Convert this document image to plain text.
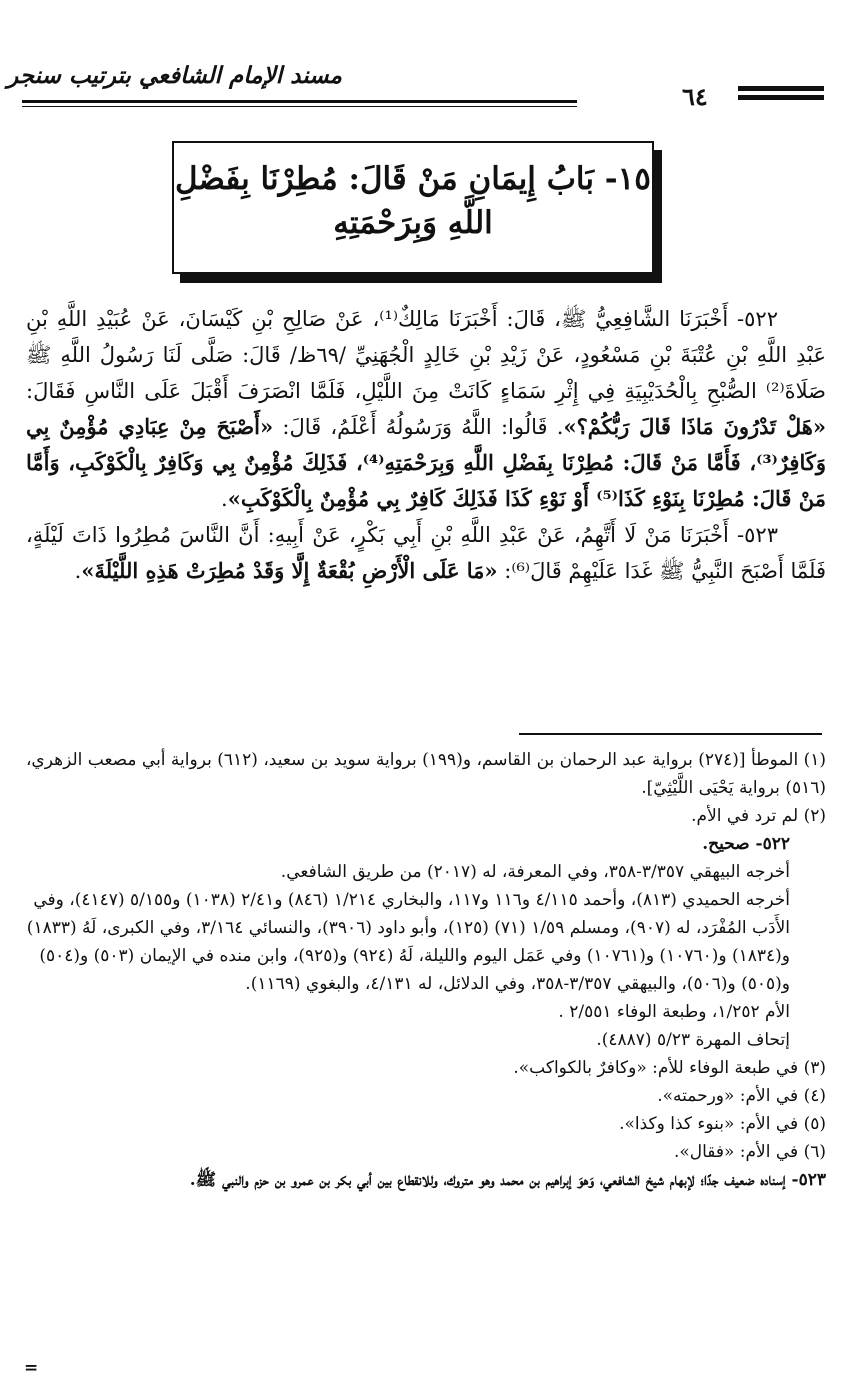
مسند الإمام الشافعي بترتيب سنجر
٦٤
١٥- بَابُ إِيمَانِ مَنْ قَالَ: مُطِرْنَا بِفَضْلِ
اللَّهِ وَبِرَحْمَتِهِ

٥٢٢- أَخْبَرَنَا الشَّافِعِيُّ ﷺ، قَالَ: أَخْبَرَنَا مَالِكٌ⁽¹⁾، عَنْ صَالِحِ بْنِ كَيْسَانَ، عَنْ عُبَيْدِ اللَّهِ بْنِ عَبْدِ اللَّهِ بْنِ عُتْبَةَ بْنِ مَسْعُودٍ، عَنْ زَيْدِ بْنِ خَالِدٍ الْجُهَنِيِّ /٦٩ظ/ قَالَ: صَلَّى لَنَا رَسُولُ اللَّهِ ﷺ صَلَاةَ⁽²⁾ الصُّبْحِ بِالْحُدَيْبِيَةِ فِي إِثْرِ سَمَاءٍ كَانَتْ مِنَ اللَّيْلِ، فَلَمَّا انْصَرَفَ أَقْبَلَ عَلَى النَّاسِ فَقَالَ: «هَلْ تَدْرُونَ مَاذَا قَالَ رَبُّكُمْ؟». قَالُوا: اللَّهُ وَرَسُولُهُ أَعْلَمُ، قَالَ: «أَصْبَحَ مِنْ عِبَادِي مُؤْمِنٌ بِي وَكَافِرٌ⁽³⁾، فَأَمَّا مَنْ قَالَ: مُطِرْنَا بِفَضْلِ اللَّهِ وَبِرَحْمَتِهِ⁽⁴⁾، فَذَلِكَ مُؤْمِنٌ بِي وَكَافِرٌ بِالْكَوْكَبِ، وَأَمَّا مَنْ قَالَ: مُطِرْنَا بِنَوْءِ كَذَا⁽⁵⁾ أَوْ نَوْءِ كَذَا فَذَلِكَ كَافِرٌ بِي مُؤْمِنٌ بِالْكَوْكَبِ».

٥٢٣- أَخْبَرَنَا مَنْ لَا أَتَّهِمُ، عَنْ عَبْدِ اللَّهِ بْنِ أَبِي بَكْرٍ، عَنْ أَبِيهِ: أَنَّ النَّاسَ مُطِرُوا ذَاتَ لَيْلَةٍ، فَلَمَّا أَصْبَحَ النَّبِيُّ ﷺ غَدَا عَلَيْهِمْ قَالَ⁽⁶⁾: «مَا عَلَى الْأَرْضِ بُقْعَةٌ إِلَّا وَقَدْ مُطِرَتْ هَذِهِ اللَّيْلَةَ».

(١) الموطأ [(٢٧٤) برواية عبد الرحمان بن القاسم، و(١٩٩) برواية سويد بن سعيد، (٦١٢) برواية أبي مصعب الزهري، (٥١٦) برواية يَحْيَى اللَّيْثِيّ].

(٢) لم ترد في الأم.

٥٢٢- صحيح.

أخرجه البيهقي ٣/٣٥٧-٣٥٨، وفي المعرفة، له (٢٠١٧) من طريق الشافعي.

أخرجه الحميدي (٨١٣)، وأحمد ٤/١١٥ و١١٦ و١١٧، والبخاري ١/٢١٤ (٨٤٦) و٢/٤١ (١٠٣٨) و٥/١٥٥ (٤١٤٧)، وفي الأَدَب المُفْرَد، له (٩٠٧)، ومسلم ١/٥٩ (٧١) (١٢٥)، وأبو داود (٣٩٠٦)، والنسائي ٣/١٦٤، وفي الكبرى، لَهُ (١٨٣٣) و(١٨٣٤) و(١٠٧٦٠) و(١٠٧٦١) وفي عَمَل اليوم والليلة، لَهُ (٩٢٤) و(٩٢٥)، وابن منده في الإيمان (٥٠٣) و(٥٠٤) و(٥٠٥) و(٥٠٦)، والبيهقي ٣/٣٥٧-٣٥٨، وفي الدلائل، له ٤/١٣١، والبغوي (١١٦٩).

الأم ١/٢٥٢، وطبعة الوفاء ٢/٥٥١ .

إتحاف المهرة ٥/٢٣ (٤٨٨٧).

(٣) في طبعة الوفاء للأم: «وكافرٌ بالكواكب».

(٤) في الأم: «ورحمته».

(٥) في الأم: «بنوء كذا وكذا».

(٦) في الأم: «فقال».

٥٢٣- إسناده ضعيف جدًا؛ لإبهام شيخ الشافعي، وَهوَ إبراهيم بن محمد وهو متروك، وللانقطاع بين أبي بكر بن عمرو بن حزم والنبي ﷺ.

=
